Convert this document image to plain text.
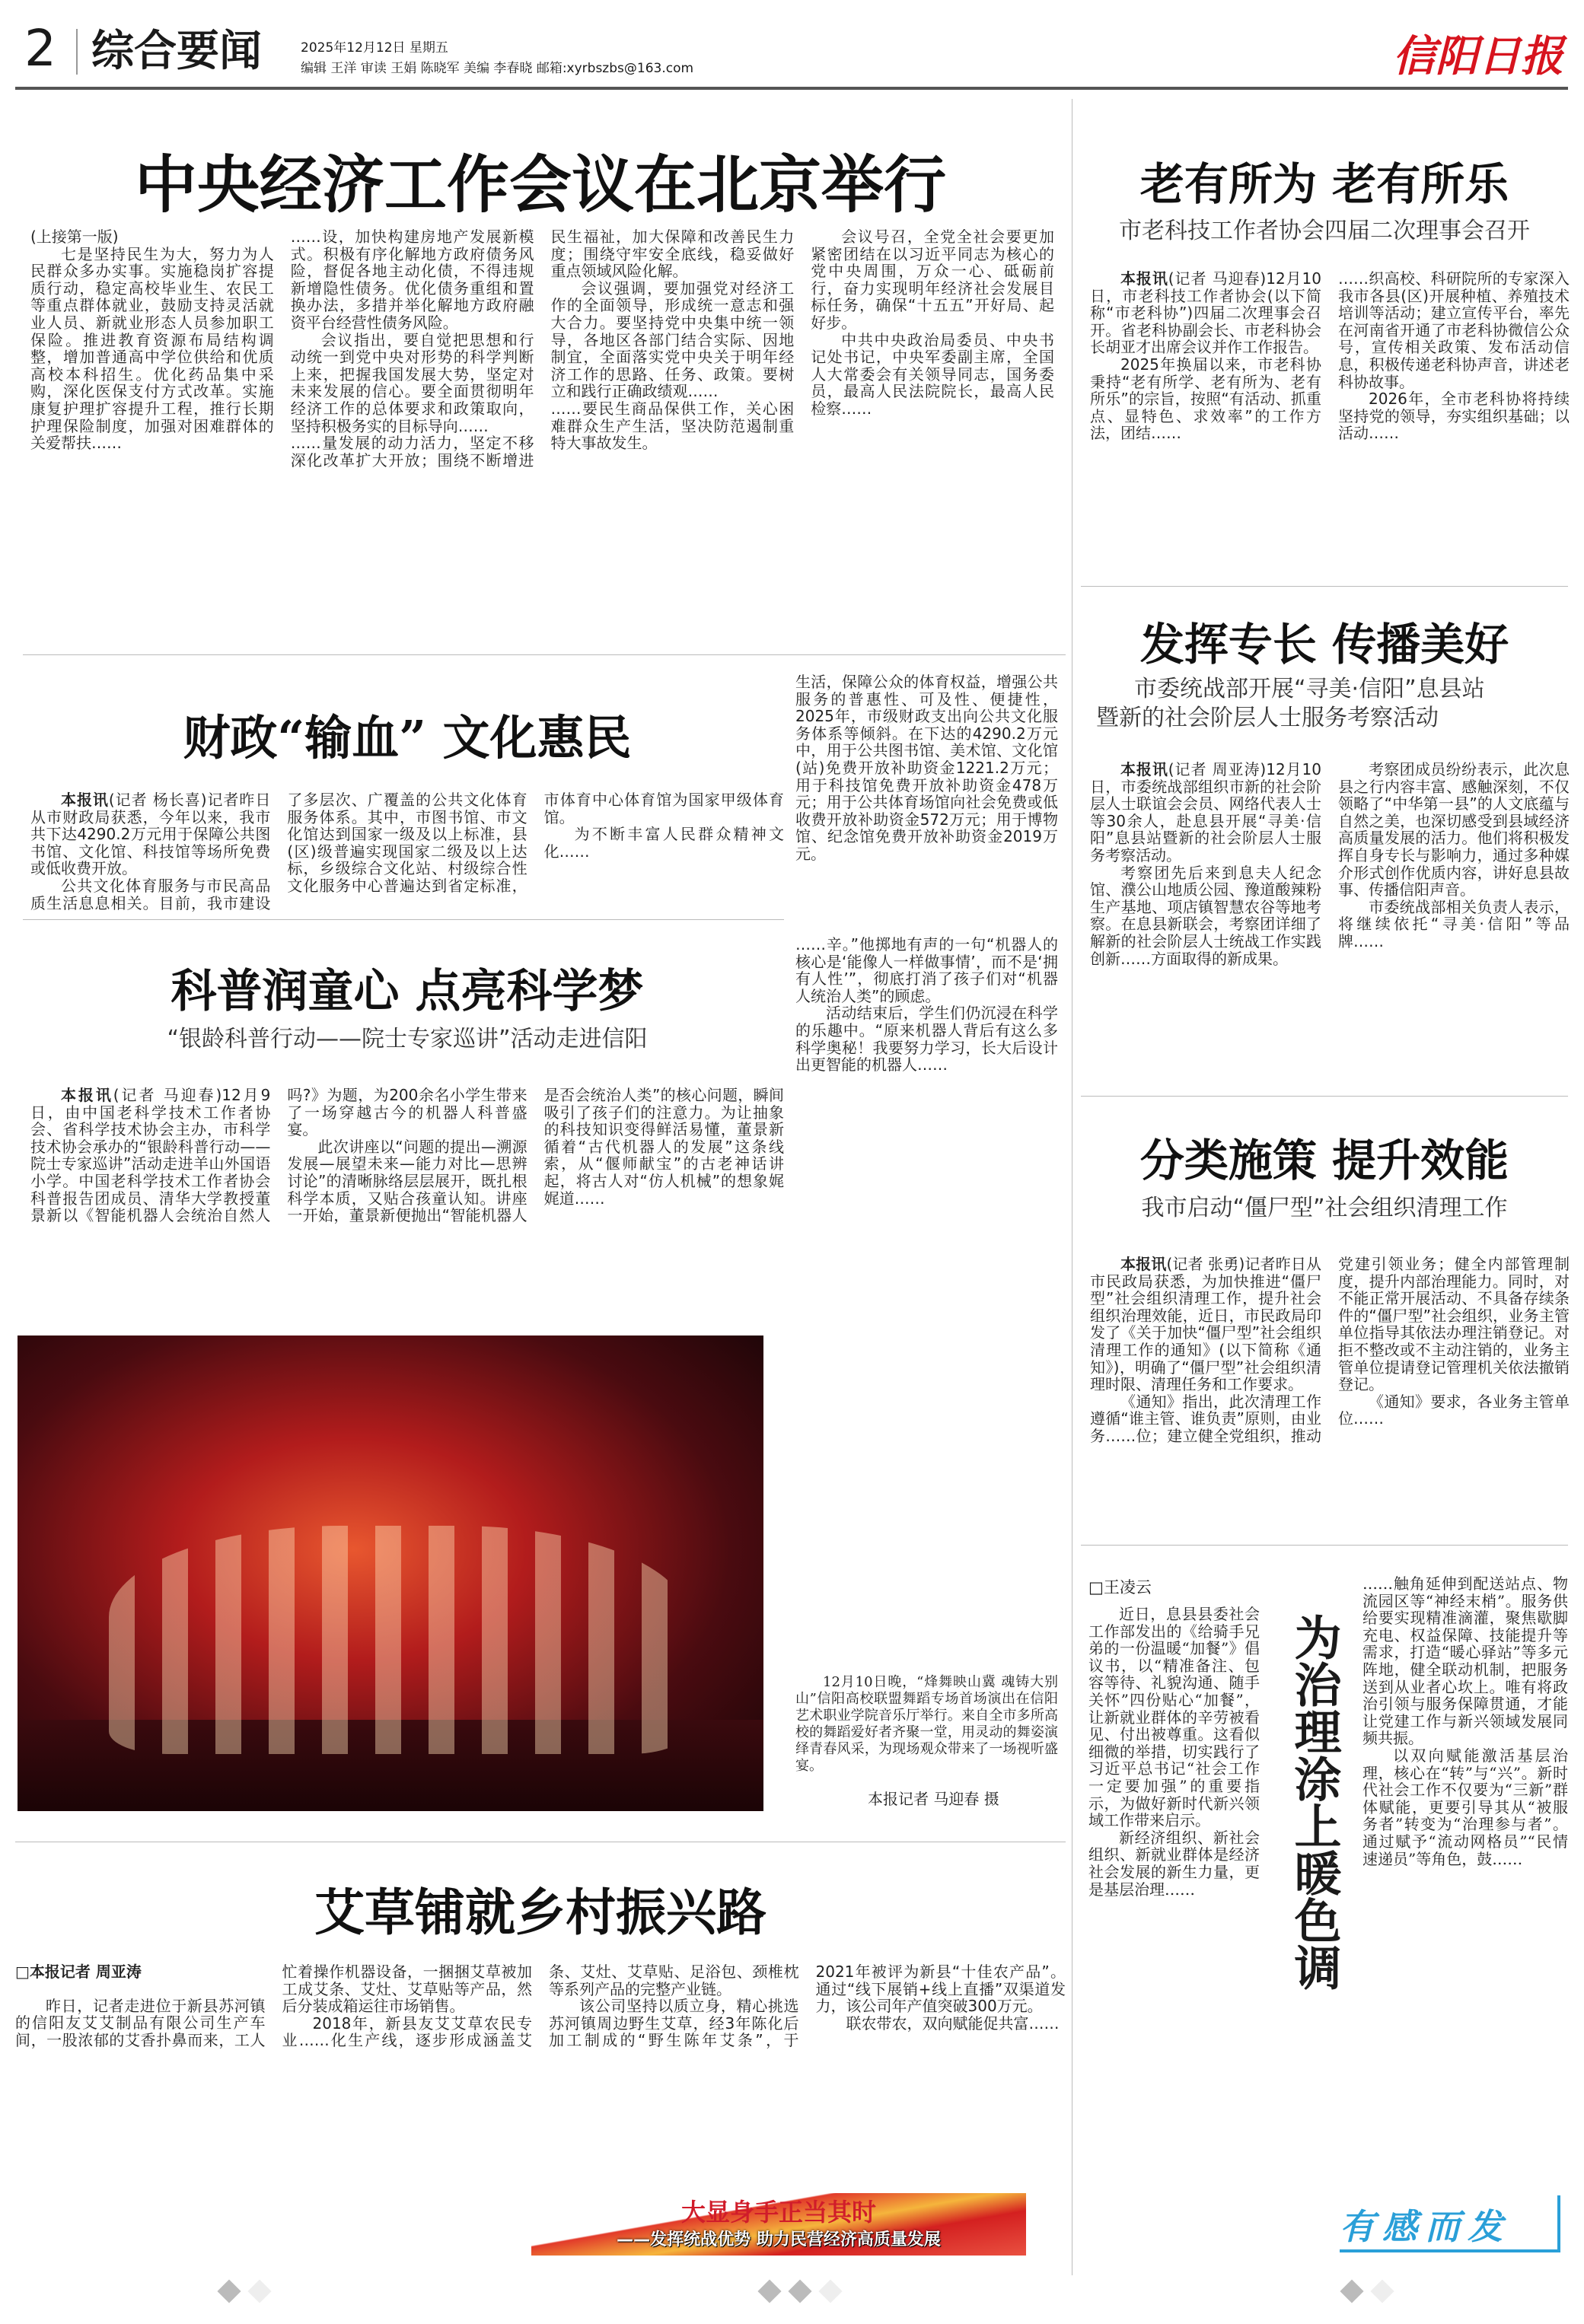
2 综合要闻	2025年12月12日 星期五
编辑 王洋 审读 王娟 陈晓军 美编 李春晓 邮箱:xyrbszbs@163.com	信阳日报
中央经济工作会议在北京举行

(上接第一版)

七是坚持民生为大，努力为人民群众多办实事。实施稳岗扩容提质行动，稳定高校毕业生、农民工等重点群体就业，鼓励支持灵活就业人员、新就业形态人员参加职工保险。推进教育资源布局结构调整，增加普通高中学位供给和优质高校本科招生。优化药品集中采购，深化医保支付方式改革。实施康复护理扩容提升工程，推行长期护理保险制度，加强对困难群体的关爱帮扶……

……设，加快构建房地产发展新模式。积极有序化解地方政府债务风险，督促各地主动化债，不得违规新增隐性债务。优化债务重组和置换办法，多措并举化解地方政府融资平台经营性债务风险。

会议指出，要自觉把思想和行动统一到党中央对形势的科学判断上来，把握我国发展大势，坚定对未来发展的信心。要全面贯彻明年经济工作的总体要求和政策取向，坚持积极务实的目标导向……

……量发展的动力活力，坚定不移深化改革扩大开放；围绕不断增进民生福祉，加大保障和改善民生力度；围绕守牢安全底线，稳妥做好重点领域风险化解。

会议强调，要加强党对经济工作的全面领导，形成统一意志和强大合力。要坚持党中央集中统一领导，各地区各部门结合实际、因地制宜，全面落实党中央关于明年经济工作的思路、任务、政策。要树立和践行正确政绩观……

……要民生商品保供工作，关心困难群众生产生活，坚决防范遏制重特大事故发生。

会议号召，全党全社会要更加紧密团结在以习近平同志为核心的党中央周围，万众一心、砥砺前行，奋力实现明年经济社会发展目标任务，确保“十五五”开好局、起好步。

中共中央政治局委员、中央书记处书记，中央军委副主席，全国人大常委会有关领导同志，国务委员，最高人民法院院长，最高人民检察……

老有所为 老有所乐
市老科技工作者协会四届二次理事会召开

本报讯(记者 马迎春)12月10日，市老科技工作者协会(以下简称“市老科协”)四届二次理事会召开。省老科协副会长、市老科协会长胡亚才出席会议并作工作报告。

2025年换届以来，市老科协秉持“老有所学、老有所为、老有所乐”的宗旨，按照“有活动、抓重点、显特色、求效率”的工作方法，团结……

……织高校、科研院所的专家深入我市各县(区)开展种植、养殖技术培训等活动；建立宣传平台，率先在河南省开通了市老科协微信公众号，宣传相关政策、发布活动信息，积极传递老科协声音，讲述老科协故事。

2026年，全市老科协将持续坚持党的领导，夯实组织基础；以活动……

发挥专长 传播美好
市委统战部开展“寻美·信阳”息县站
暨新的社会阶层人士服务考察活动

本报讯(记者 周亚涛)12月10日，市委统战部组织市新的社会阶层人士联谊会会员、网络代表人士等30余人，赴息县开展“寻美·信阳”息县站暨新的社会阶层人士服务考察活动。

考察团先后来到息夫人纪念馆、濮公山地质公园、豫道酸辣粉生产基地、项店镇智慧农谷等地考察。在息县新联会，考察团详细了解新的社会阶层人士统战工作实践创新……方面取得的新成果。

考察团成员纷纷表示，此次息县之行内容丰富、感触深刻，不仅领略了“中华第一县”的人文底蕴与自然之美，也深切感受到县域经济高质量发展的活力。他们将积极发挥自身专长与影响力，通过多种媒介形式创作优质内容，讲好息县故事、传播信阳声音。

市委统战部相关负责人表示，将继续依托“寻美·信阳”等品牌……

分类施策 提升效能
我市启动“僵尸型”社会组织清理工作

本报讯(记者 张勇)记者昨日从市民政局获悉，为加快推进“僵尸型”社会组织清理工作，提升社会组织治理效能，近日，市民政局印发了《关于加快“僵尸型”社会组织清理工作的通知》(以下简称《通知》)，明确了“僵尸型”社会组织清理时限、清理任务和工作要求。

《通知》指出，此次清理工作遵循“谁主管、谁负责”原则，由业务……位；建立健全党组织，推动党建引领业务；健全内部管理制度，提升内部治理能力。同时，对不能正常开展活动、不具备存续条件的“僵尸型”社会组织，业务主管单位指导其依法办理注销登记。对拒不整改或不主动注销的，业务主管单位提请登记管理机关依法撤销登记。

《通知》要求，各业务主管单位……

□王凌云

近日，息县县委社会工作部发出的《给骑手兄弟的一份温暖“加餐”》倡议书，以“精准备注、包容等待、礼貌沟通、随手关怀”四份贴心“加餐”，让新就业群体的辛劳被看见、付出被尊重。这看似细微的举措，切实践行了习近平总书记“社会工作一定要加强”的重要指示，为做好新时代新兴领域工作带来启示。

新经济组织、新社会组织、新就业群体是经济社会发展的新生力量，更是基层治理……	为治理涂上暖色调

……触角延伸到配送站点、物流园区等“神经末梢”。服务供给要实现精准滴灌，聚焦歇脚充电、权益保障、技能提升等需求，打造“暖心驿站”等多元阵地，健全联动机制，把服务送到从业者心坎上。唯有将政治引领与服务保障贯通，才能让党建工作与新兴领域发展同频共振。

以双向赋能激活基层治理，核心在“转”与“兴”。新时代社会工作不仅要为“三新”群体赋能，更要引导其从“被服务者”转变为“治理参与者”。通过赋予“流动网格员”“民情速递员”等角色，鼓……

有感而发
财政“输血” 文化惠民

本报讯(记者 杨长喜)记者昨日从市财政局获悉，今年以来，我市共下达4290.2万元用于保障公共图书馆、文化馆、科技馆等场所免费或低收费开放。

公共文化体育服务与市民高品质生活息息相关。目前，我市建设了多层次、广覆盖的公共文化体育服务体系。其中，市图书馆、市文化馆达到国家一级及以上标准，县(区)级普遍实现国家二级及以上达标，乡级综合文化站、村级综合性文化服务中心普遍达到省定标准，市体育中心体育馆为国家甲级体育馆。

为不断丰富人民群众精神文化……

生活，保障公众的体育权益，增强公共服务的普惠性、可及性、便捷性，2025年，市级财政支出向公共文化服务体系等倾斜。在下达的4290.2万元中，用于公共图书馆、美术馆、文化馆(站)免费开放补助资金1221.2万元；用于科技馆免费开放补助资金478万元；用于公共体育场馆向社会免费或低收费开放补助资金572万元；用于博物馆、纪念馆免费开放补助资金2019万元。

科普润童心 点亮科学梦
“银龄科普行动——院士专家巡讲”活动走进信阳

本报讯(记者 马迎春)12月9日，由中国老科学技术工作者协会、省科学技术协会主办，市科学技术协会承办的“银龄科普行动——院士专家巡讲”活动走进羊山外国语小学。中国老科学技术工作者协会科普报告团成员、清华大学教授董景新以《智能机器人会统治自然人吗?》为题，为200余名小学生带来了一场穿越古今的机器人科普盛宴。

此次讲座以“问题的提出—溯源发展—展望未来—能力对比—思辨讨论”的清晰脉络层层展开，既扎根科学本质，又贴合孩童认知。讲座一开始，董景新便抛出“智能机器人是否会统治人类”的核心问题，瞬间吸引了孩子们的注意力。为让抽象的科技知识变得鲜活易懂，董景新循着“古代机器人的发展”这条线索，从“偃师献宝”的古老神话讲起，将古人对“仿人机械”的想象娓娓道……

……辛。”他掷地有声的一句“机器人的核心是‘能像人一样做事情’，而不是‘拥有人性’”，彻底打消了孩子们对“机器人统治人类”的顾虑。

活动结束后，学生们仍沉浸在科学的乐趣中。“原来机器人背后有这么多科学奥秘！我要努力学习，长大后设计出更智能的机器人……

12月10日晚，“烽舞映山冀 魂铸大别山”信阳高校联盟舞蹈专场首场演出在信阳艺术职业学院音乐厅举行。来自全市多所高校的舞蹈爱好者齐聚一堂，用灵动的舞姿演绎青春风采，为现场观众带来了一场视听盛宴。

本报记者 马迎春 摄
艾草铺就乡村振兴路

□本报记者 周亚涛

昨日，记者走进位于新县苏河镇的信阳友艾艾制品有限公司生产车间，一股浓郁的艾香扑鼻而来，工人忙着操作机器设备，一捆捆艾草被加工成艾条、艾灶、艾草贴等产品，然后分装成箱运往市场销售。

2018年，新县友艾艾草农民专业……化生产线，逐步形成涵盖艾条、艾灶、艾草贴、足浴包、颈椎枕等系列产品的完整产业链。

该公司坚持以质立身，精心挑选苏河镇周边野生艾草，经3年陈化后加工制成的“野生陈年艾条”，于2021年被评为新县“十佳农产品”。通过“线下展销+线上直播”双渠道发力，该公司年产值突破300万元。

联农带农，双向赋能促共富……

大显身手正当其时
——发挥统战优势 助力民营经济高质量发展
